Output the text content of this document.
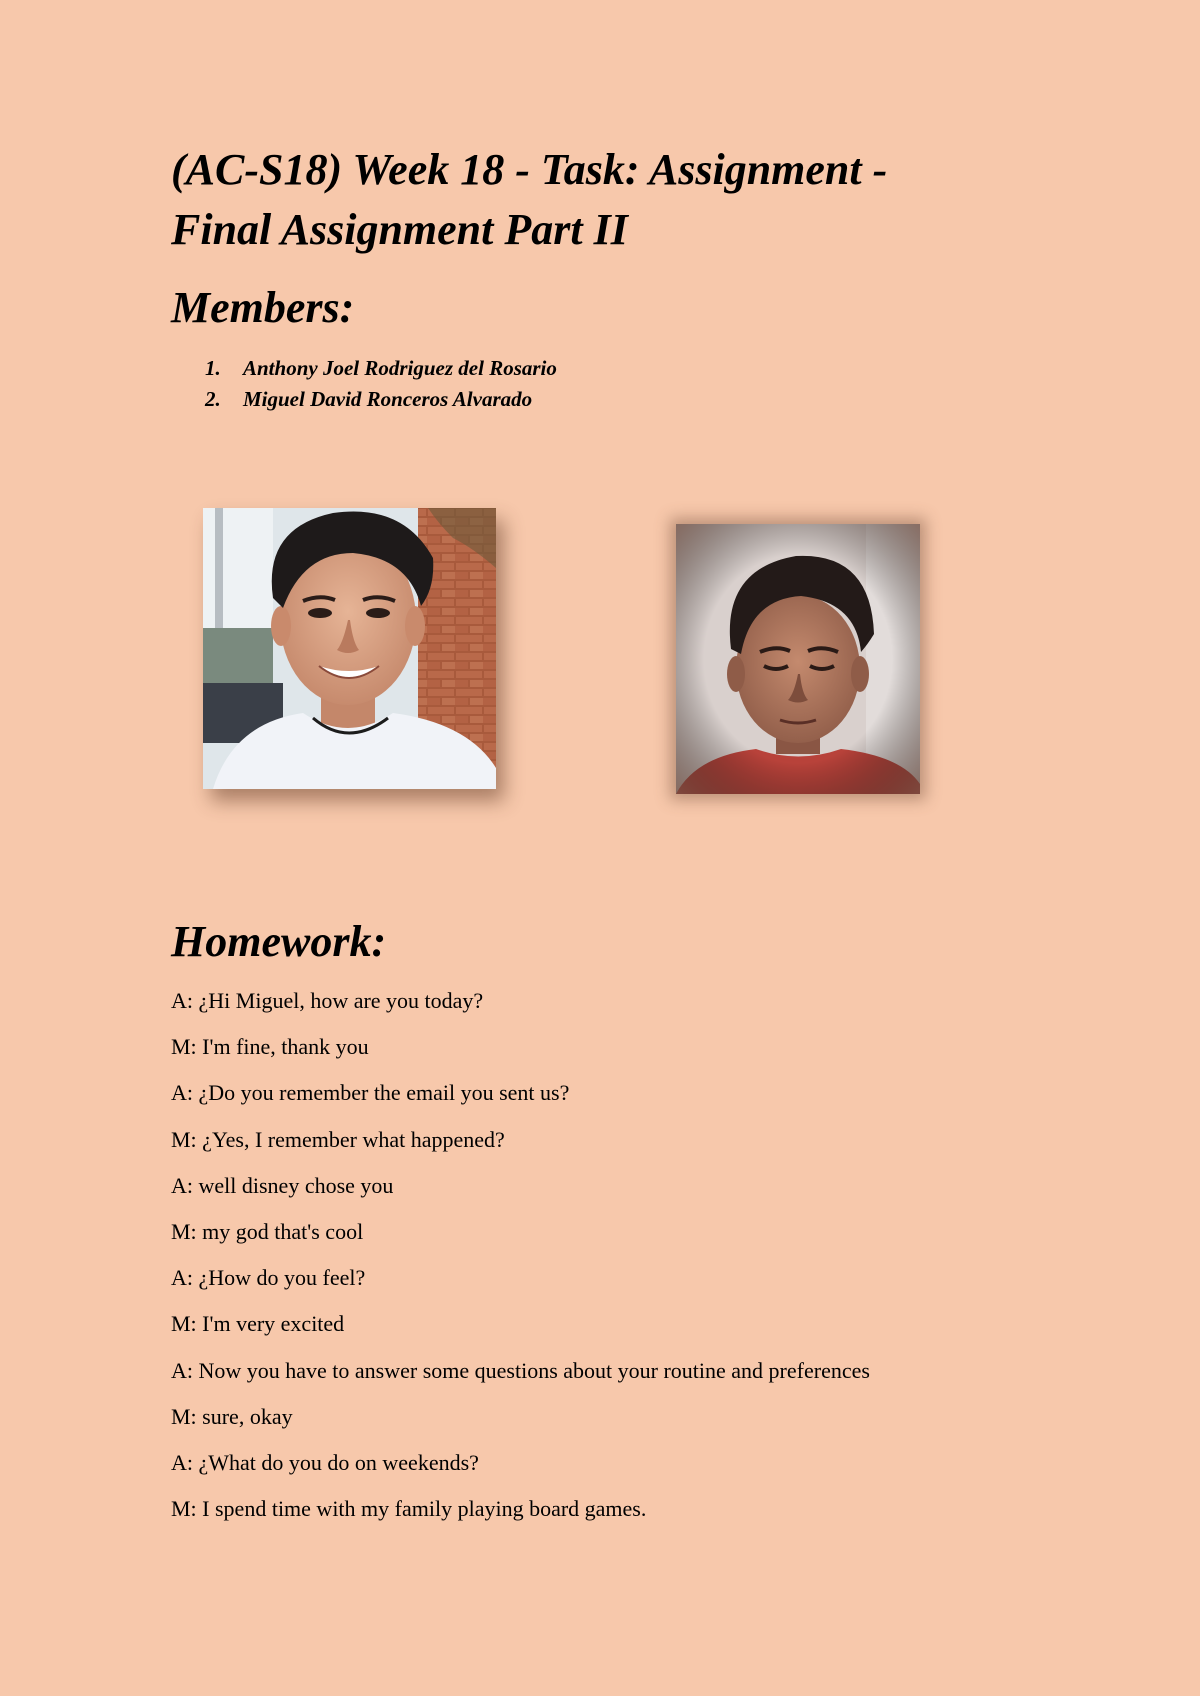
(AC-S18) Week 18 - Task: Assignment -
Final Assignment Part II
Members:
1. Anthony Joel Rodriguez del Rosario
2. Miguel David Ronceros Alvarado
Homework:
A: ¿Hi Miguel, how are you today?
M: I'm fine, thank you
A: ¿Do you remember the email you sent us?
M: ¿Yes, I remember what happened?
A: well disney chose you
M: my god that's cool
A: ¿How do you feel?
M: I'm very excited
A: Now you have to answer some questions about your routine and preferences
M: sure, okay
A: ¿What do you do on weekends?
M: I spend time with my family playing board games.
